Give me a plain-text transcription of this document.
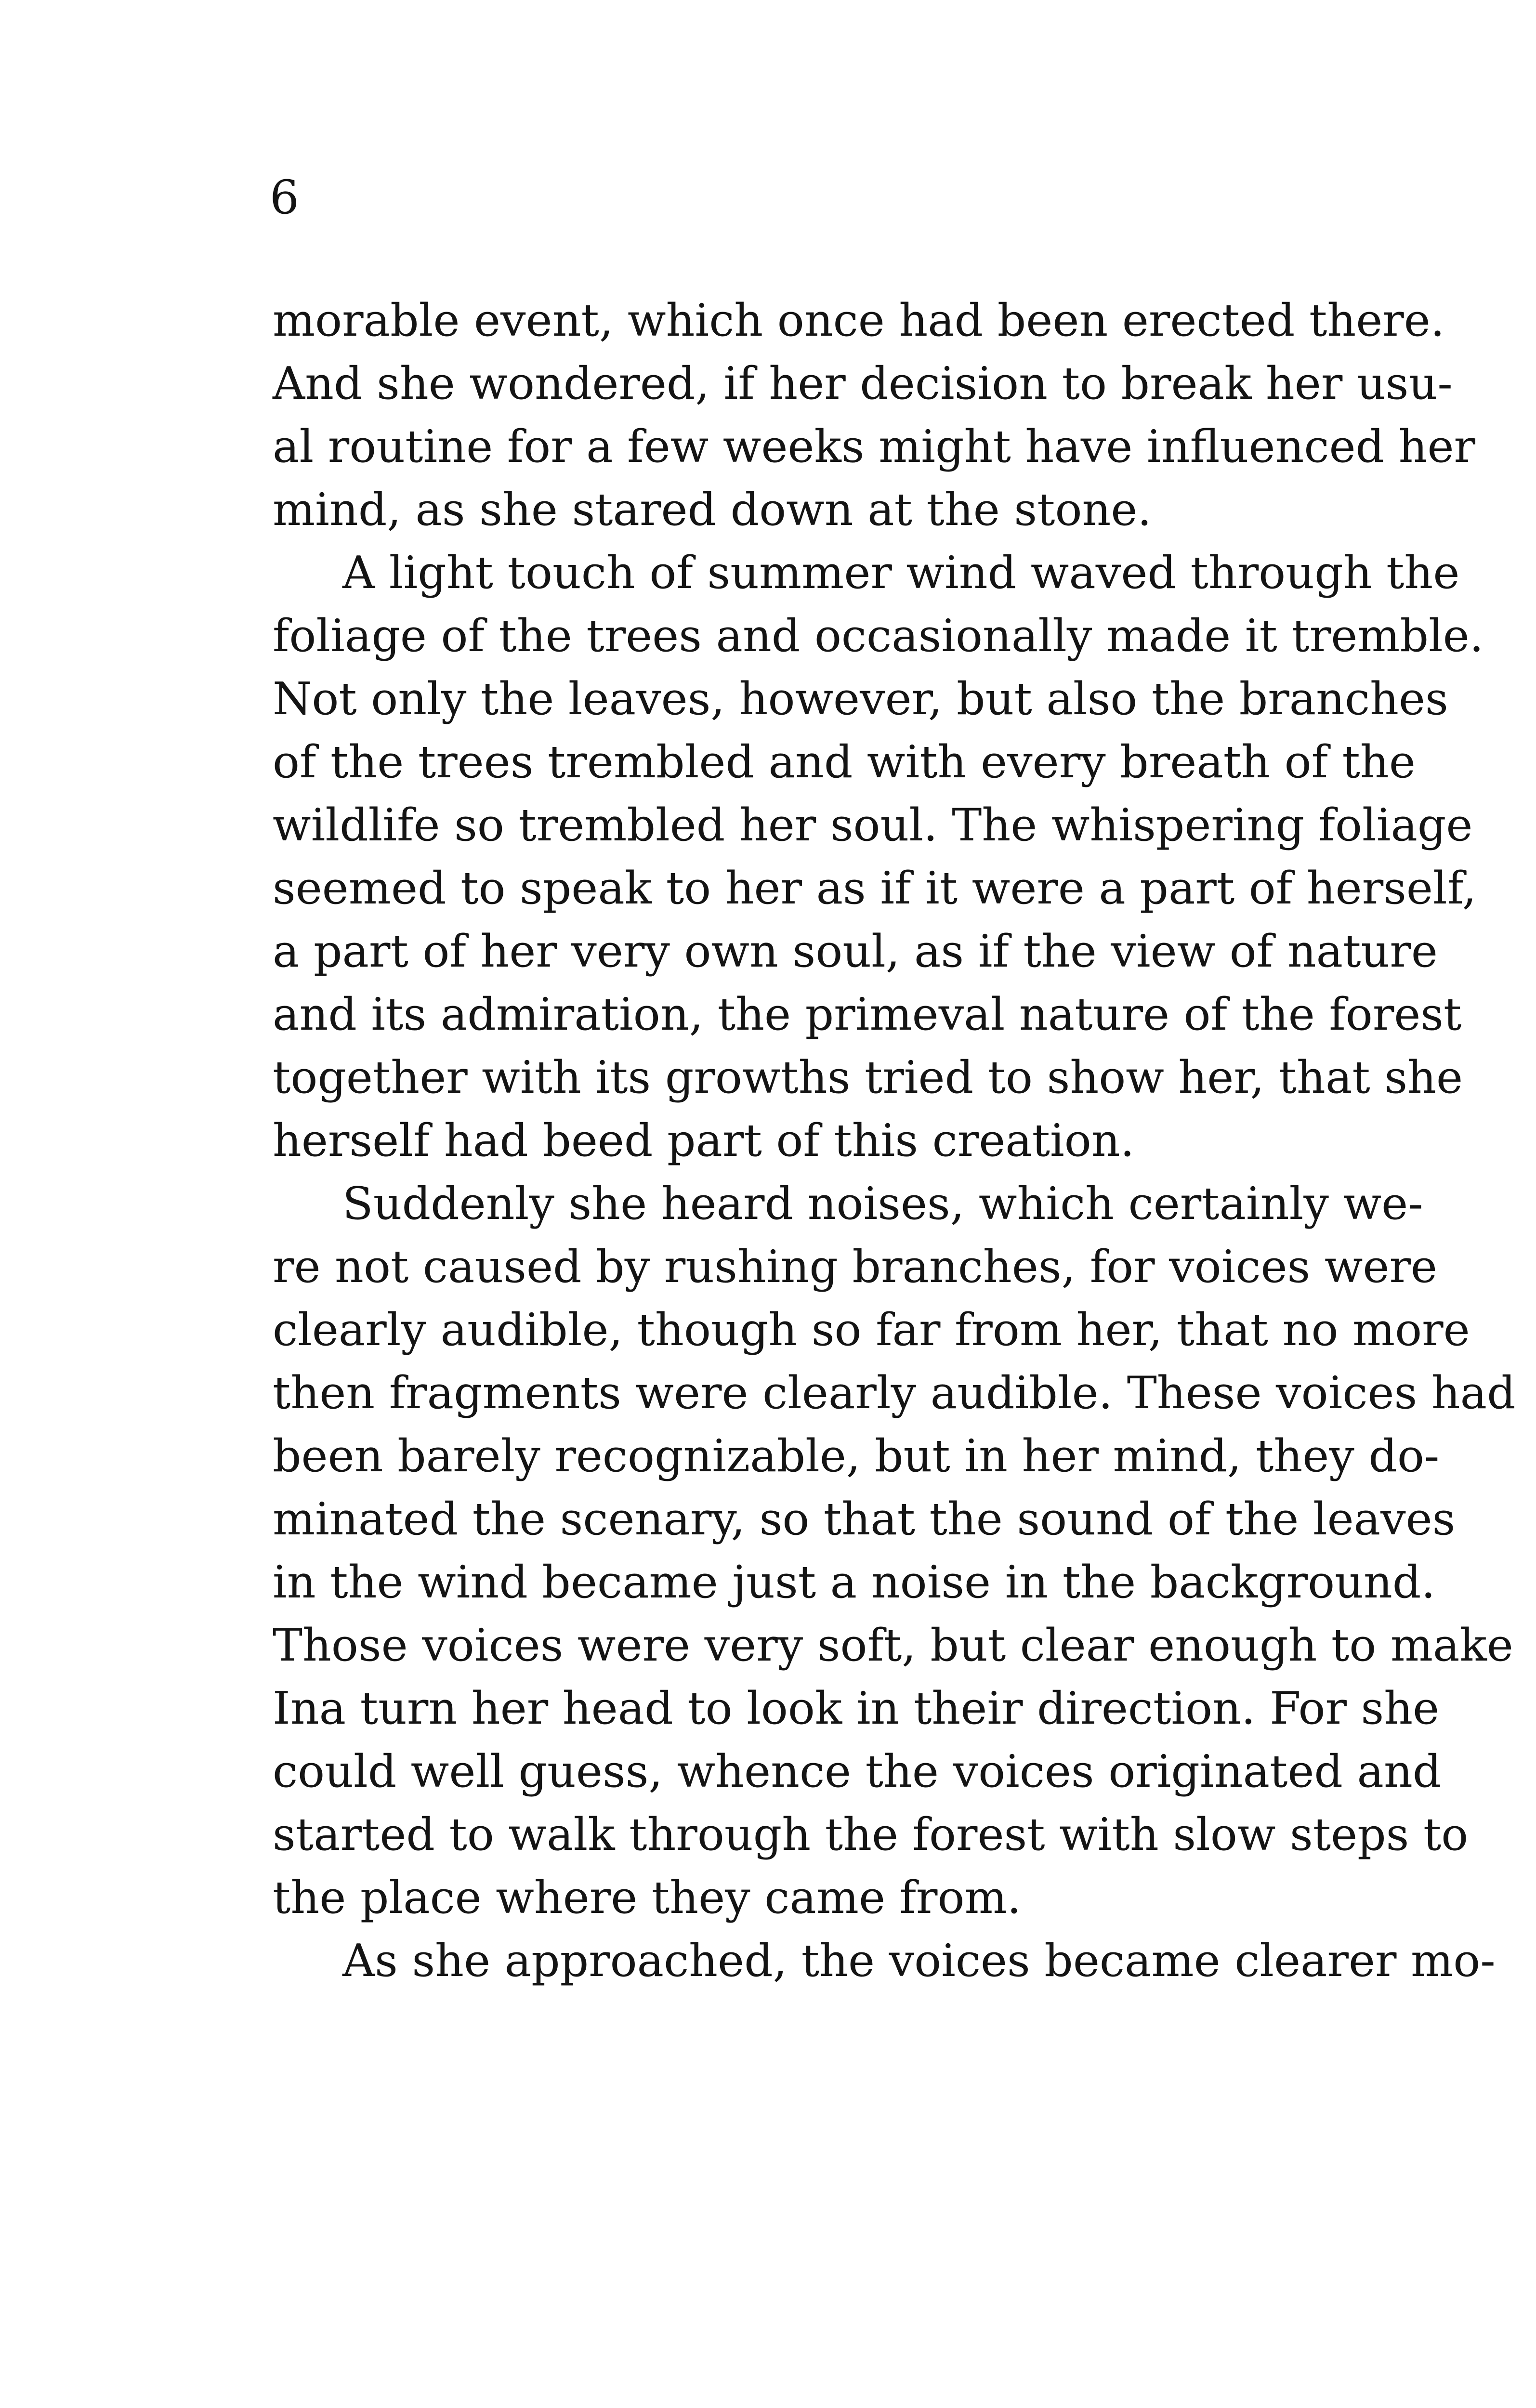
6
morable event, which once had been erected there.
And she wondered, if her decision to break her usu-
al routine for a few weeks might have influenced her
mind, as she stared down at the stone.
A light touch of summer wind waved through the
foliage of the trees and occasionally made it tremble.
Not only the leaves, however, but also the branches
of the trees trembled and with every breath of the
wildlife so trembled her soul. The whispering foliage
seemed to speak to her as if it were a part of herself,
a part of her very own soul, as if the view of nature
and its admiration, the primeval nature of the forest
together with its growths tried to show her, that she
herself had beed part of this creation.
Suddenly she heard noises, which certainly we-
re not caused by rushing branches, for voices were
clearly audible, though so far from her, that no more
then fragments were clearly audible. These voices had
been barely recognizable, but in her mind, they do-
minated the scenary, so that the sound of the leaves
in the wind became just a noise in the background.
Those voices were very soft, but clear enough to make
Ina turn her head to look in their direction. For she
could well guess, whence the voices originated and
started to walk through the forest with slow steps to
the place where they came from.
As she approached, the voices became clearer mo-
